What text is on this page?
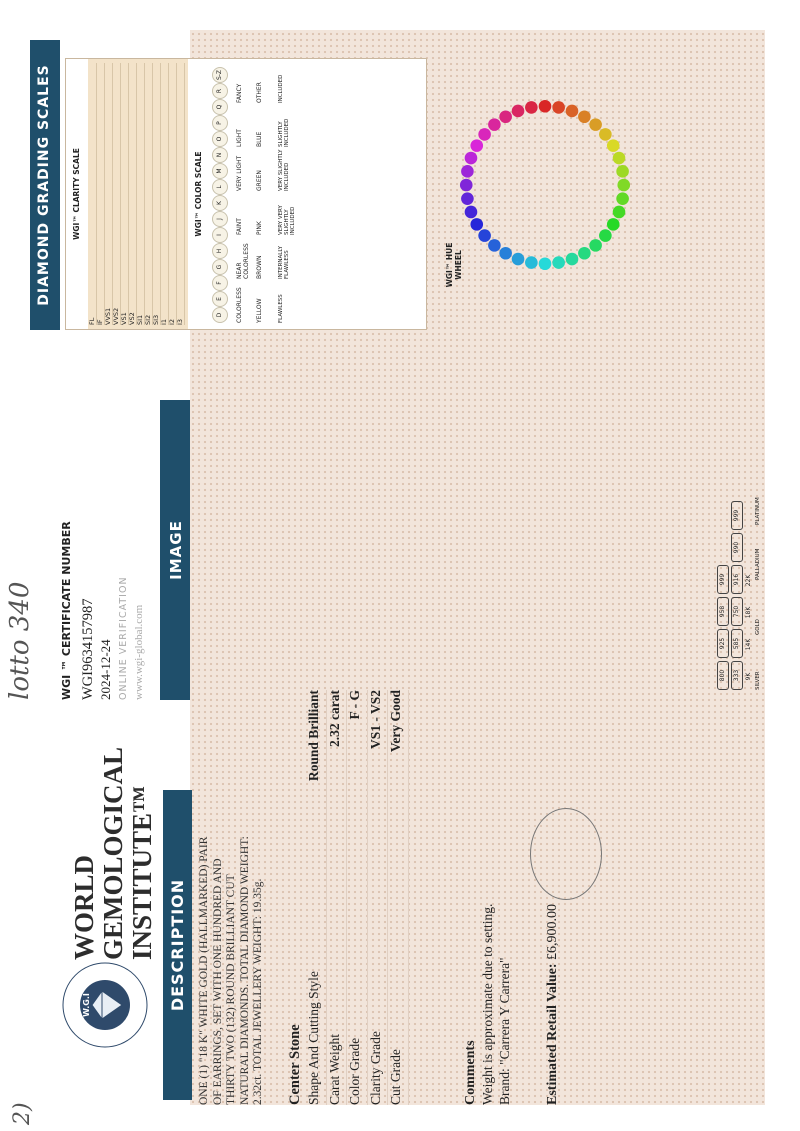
lotto 340
2)
WGI ™ CERTIFICATE NUMBER WGI9634157987 2024-12-24 ONLINE VERIFICATION www.wgi-global.com
IMAGE
DIAMOND GRADING SCALES
W.G.I
WORLD GEMOLOGICAL INSTITUTE™ DESCRIPTION ONE (1) "18 K" WHITE GOLD (HALLMARKED) PAIR OF EARRINGS, SET WITH ONE HUNDRED AND THIRTY TWO (132) ROUND BRILLIANT CUT NATURAL DIAMONDS. TOTAL DIAMOND WEIGHT: 2.32ct. TOTAL JEWELLERY WEIGHT: 19.35g. Center Stone Shape And Cutting Style
Round Brilliant
Carat Weight
2.32 carat
Color Grade
F - G
Clarity Grade
VS1 - VS2
Cut Grade
Very Good
Comments Weight is approximate due to setting. Brand: "Carrera Y Carrera" Estimated Retail Value: £6,900.00
800
925
958
999
333
585
750
916
990
999
9K
14K
18K
22K
SILVER
GOLD
PALLADIUM
PLATINUM
WGI™ CLARITY SCALE
FL IF VVS1 VVS2 VS1 VS2 SI1 SI2 SI3 I1 I2 I3
WGI™ COLOR SCALE
D
E
F
G
H
I
J
K
L
M
N
O
P
Q
R
S-Z
COLORLESS
NEAR COLORLESS
FAINT
VERY LIGHT
LIGHT
FANCY
YELLOW
BROWN
PINK
GREEN
BLUE
OTHER
FLAWLESS
INTERNALLY FLAWLESS
VERY VERY SLIGHTLY INCLUDED
VERY SLIGHTLY INCLUDED
SLIGHTLY INCLUDED
INCLUDED
WGI™ HUE WHEEL
